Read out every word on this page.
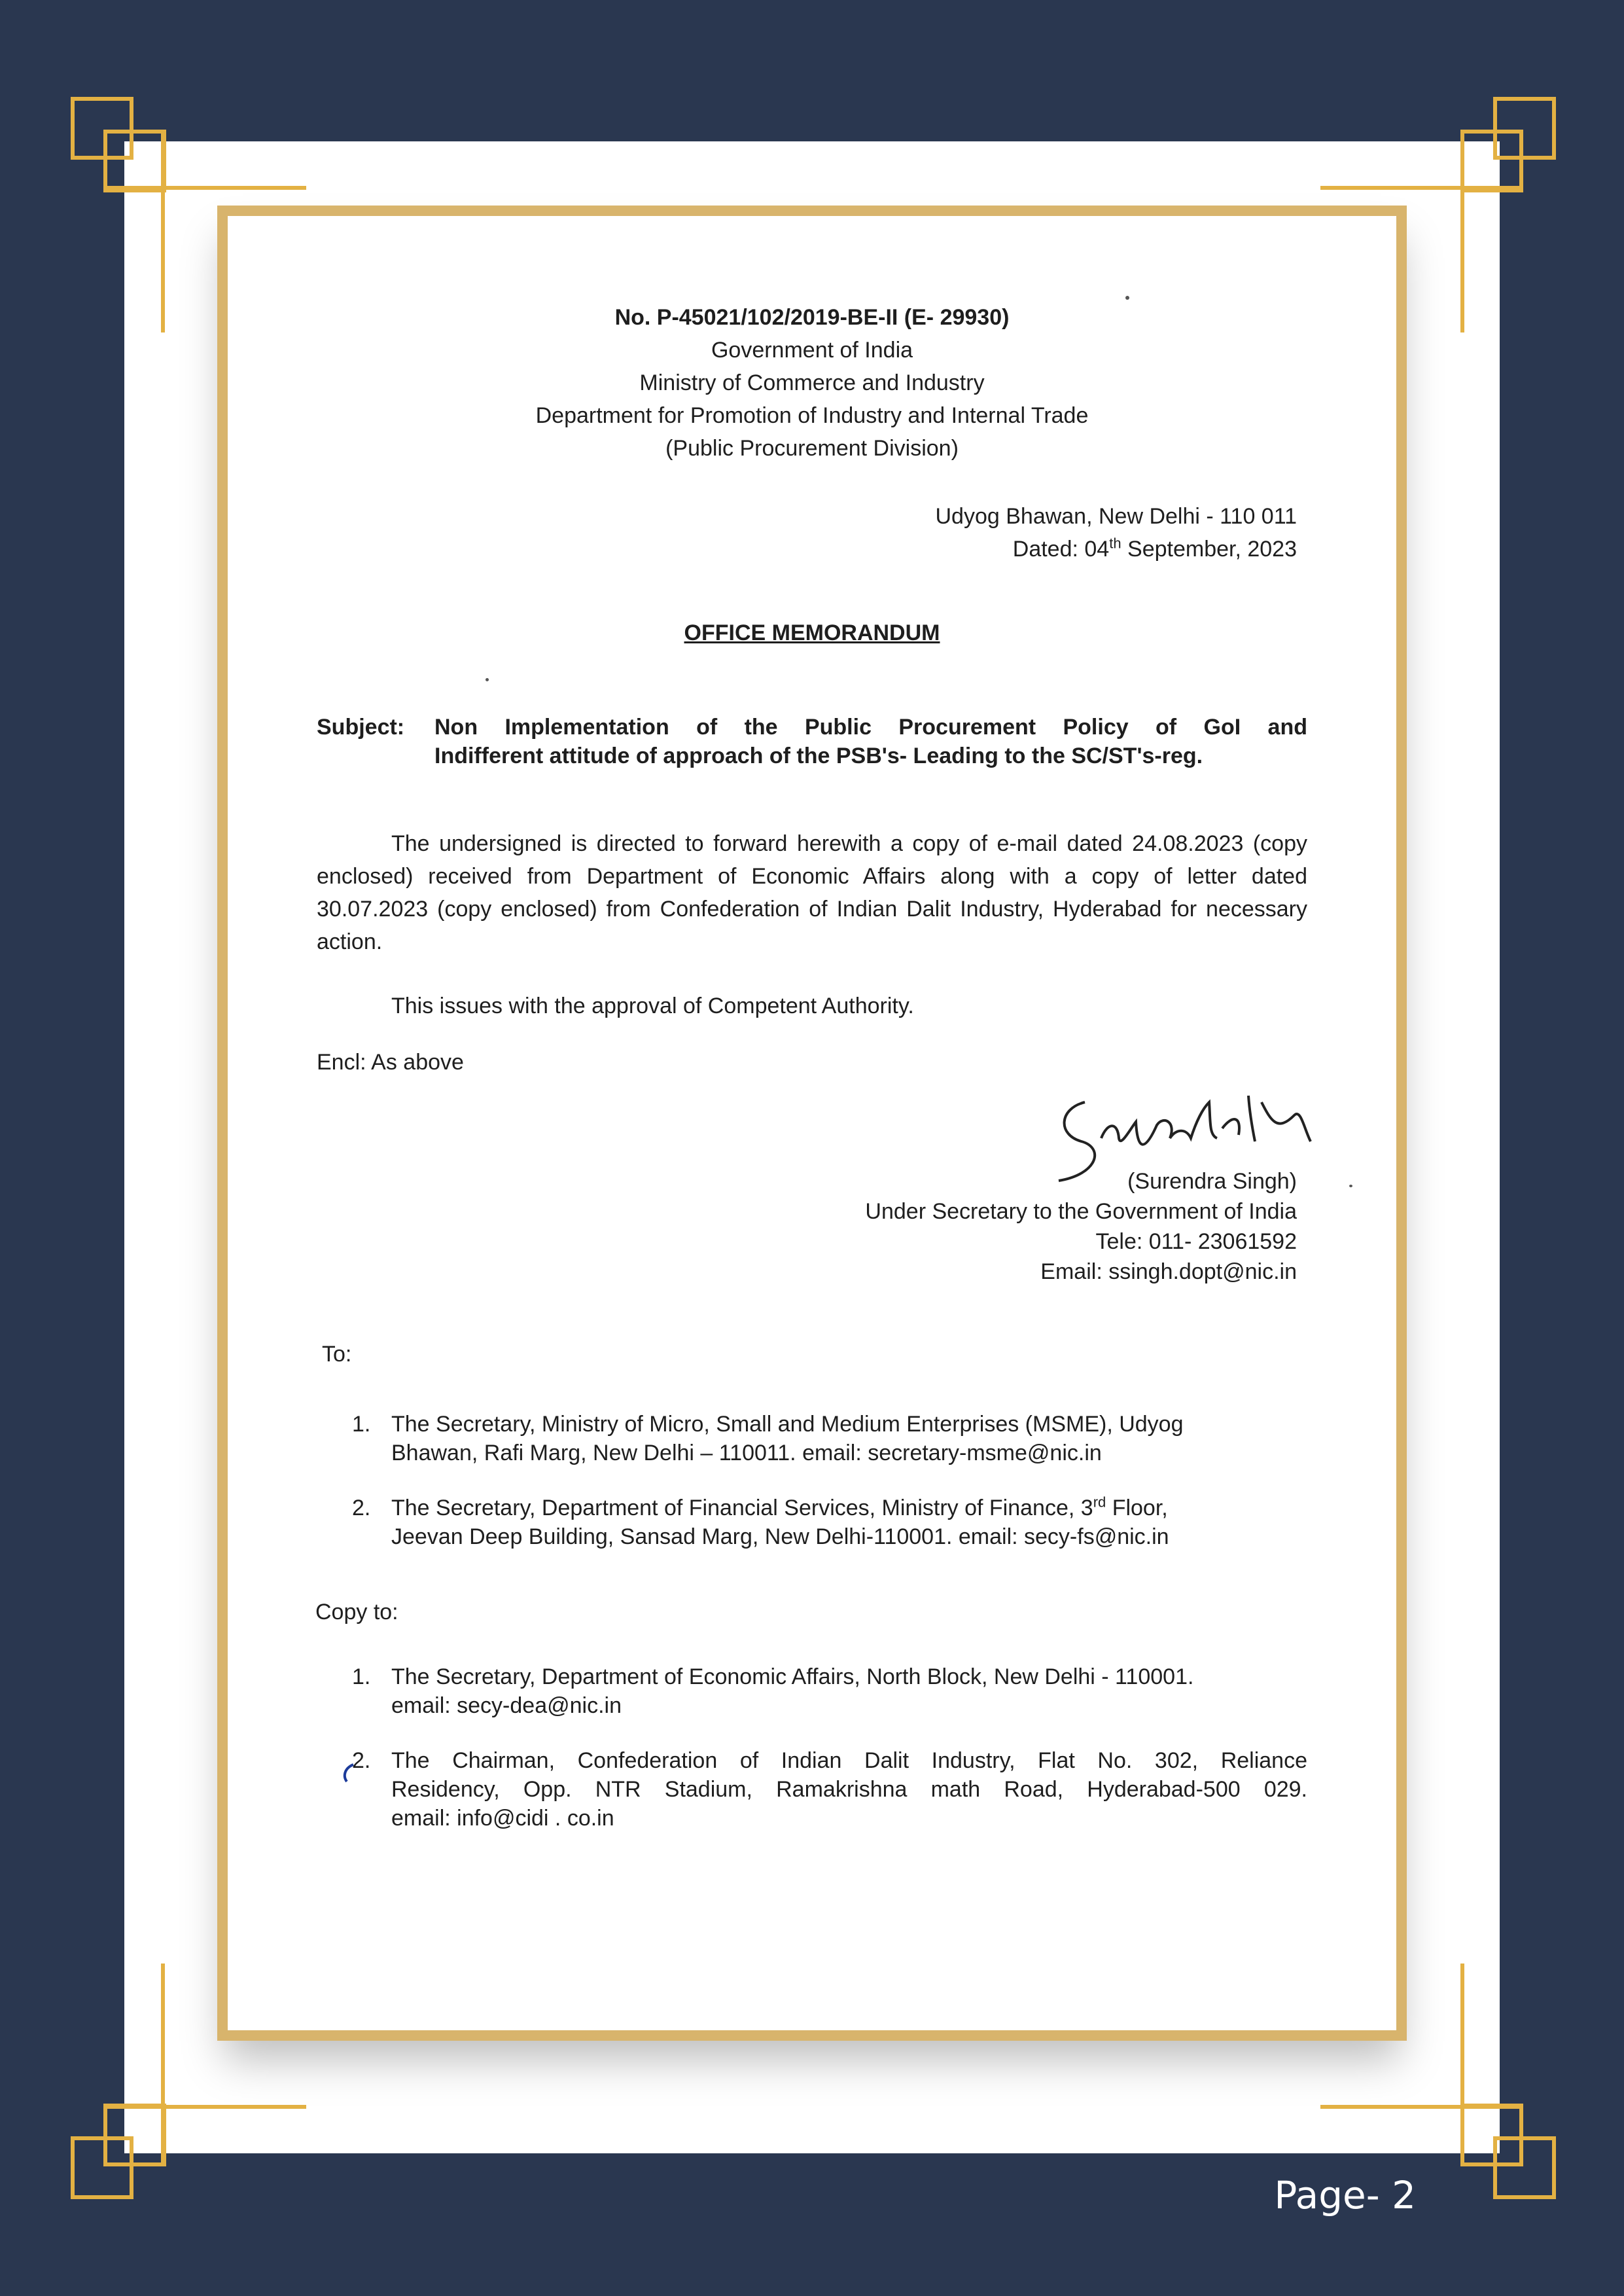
No. P-45021/102/2019-BE-II (E- 29930)
Government of India
Ministry of Commerce and Industry
Department for Promotion of Industry and Internal Trade
(Public Procurement Division)
Udyog Bhawan, New Delhi - 110 011
Dated: 04th September, 2023
OFFICE MEMORANDUM
Subject: Non Implementation of the Public Procurement Policy of GoI and
Indifferent attitude of approach of the PSB's- Leading to the SC/ST's-reg.

The undersigned is directed to forward herewith a copy of e-mail dated 24.08.2023 (copy enclosed) received from Department of Economic Affairs along with a copy of letter dated 30.07.2023 (copy enclosed) from Confederation of Indian Dalit Industry, Hyderabad for necessary action.

This issues with the approval of Competent Authority.
Encl: As above
(Surendra Singh)
Under Secretary to the Government of India
Tele: 011- 23061592
Email: ssingh.dopt@nic.in
To:
1. The Secretary, Ministry of Micro, Small and Medium Enterprises (MSME), Udyog
Bhawan, Rafi Marg, New Delhi – 110011. email: secretary-msme@nic.in
2. The Secretary, Department of Financial Services, Ministry of Finance, 3rd Floor,
Jeevan Deep Building, Sansad Marg, New Delhi-110001. email: secy-fs@nic.in
Copy to:
1. The Secretary, Department of Economic Affairs, North Block, New Delhi - 110001.
email: secy-dea@nic.in
2. The Chairman, Confederation of Indian Dalit Industry, Flat No. 302, Reliance
Residency, Opp. NTR Stadium, Ramakrishna math Road, Hyderabad-500 029.
email: info@cidi . co.in
Page- 2
